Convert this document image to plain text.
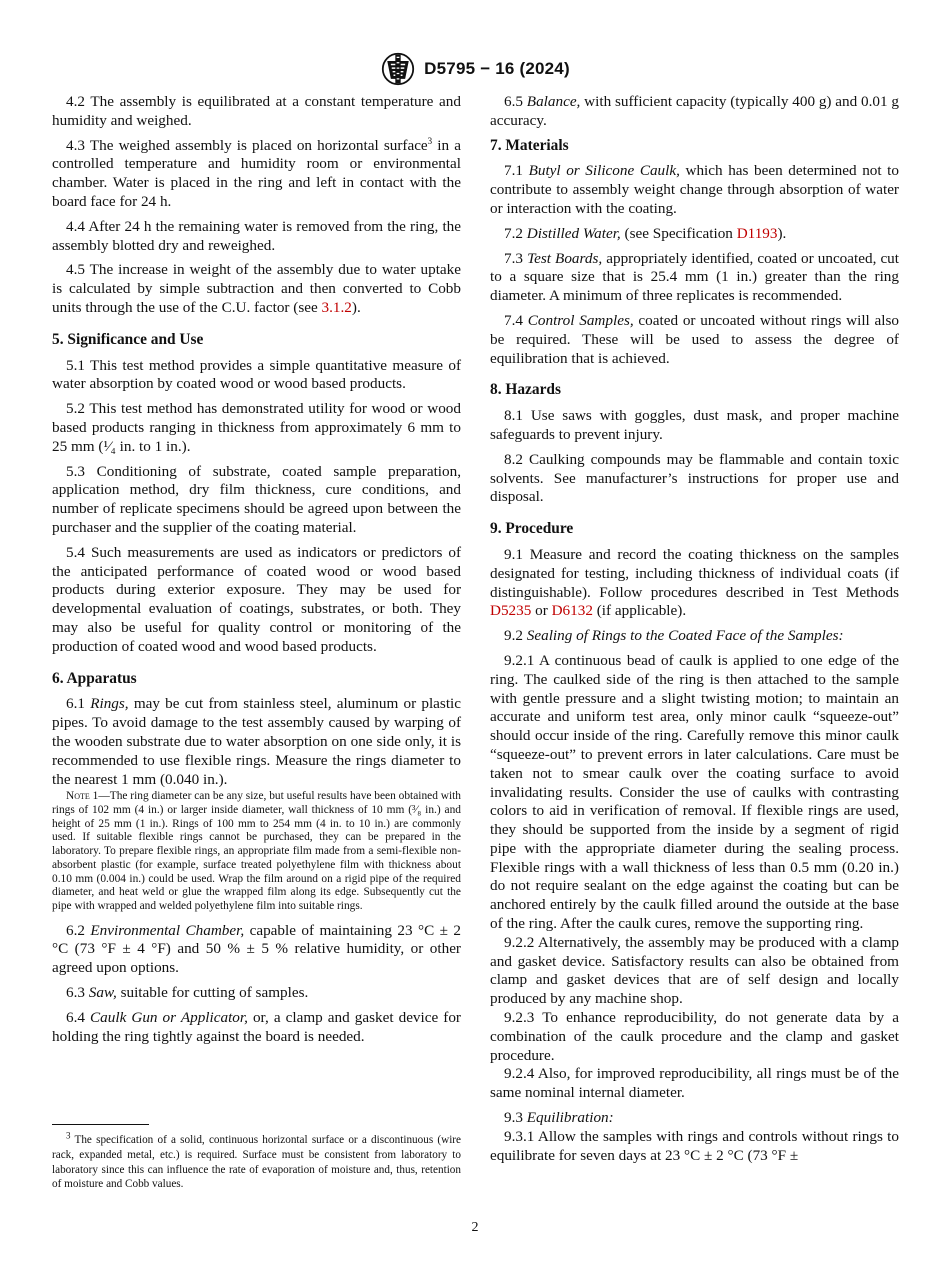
D5795 − 16 (2024)

4.2 The assembly is equilibrated at a constant temperature and humidity and weighed.

4.3 The weighed assembly is placed on horizontal surface$^3$ in a controlled temperature and humidity room or environmental chamber. Water is placed in the ring and left in contact with the board face for 24 h.

4.4 After 24 h the remaining water is removed from the ring, the assembly blotted dry and reweighed.

4.5 The increase in weight of the assembly due to water uptake is calculated by simple subtraction and then converted to Cobb units through the use of the C.U. factor (see 3.1.2).

5. Significance and Use

5.1 This test method provides a simple quantitative measure of water absorption by coated wood or wood based products.

5.2 This test method has demonstrated utility for wood or wood based products ranging in thickness from approximately 6 mm to 25 mm (¹⁄₄ in. to 1 in.).

5.3 Conditioning of substrate, coated sample preparation, application method, dry film thickness, cure conditions, and number of replicate specimens should be agreed upon between the purchaser and the supplier of the coating material.

5.4 Such measurements are used as indicators or predictors of the anticipated performance of coated wood or wood based products during exterior exposure. They may be used for developmental evaluation of coatings, substrates, or both. They may also be useful for quality control or monitoring of the production of coated wood and wood based products.

6. Apparatus

6.1 Rings, may be cut from stainless steel, aluminum or plastic pipes. To avoid damage to the test assembly caused by warping of the wooden substrate due to water absorption on one side only, it is recommended to use flexible rings. Measure the rings diameter to the nearest 1 mm (0.040 in.).

Note 1—The ring diameter can be any size, but useful results have been obtained with rings of 102 mm (4 in.) or larger inside diameter, wall thickness of 10 mm (³⁄₈ in.) and height of 25 mm (1 in.). Rings of 100 mm to 254 mm (4 in. to 10 in.) are commonly used. If suitable flexible rings cannot be purchased, they can be prepared in the laboratory. To prepare flexible rings, an appropriate film made from a semi-flexible non-absorbent plastic (for example, surface treated polyethylene film with thickness about 0.10 mm (0.004 in.) could be used. Wrap the film around on a rigid pipe of the required diameter, and heat weld or glue the wrapped film along its edge. Subsequently cut the pipe with wrapped and welded polyethylene film into suitable rings.

6.2 Environmental Chamber, capable of maintaining 23 °C ± 2 °C (73 °F ± 4 °F) and 50 % ± 5 % relative humidity, or other agreed upon options.

6.3 Saw, suitable for cutting of samples.

6.4 Caulk Gun or Applicator, or, a clamp and gasket device for holding the ring tightly against the board is needed.

$^3$ The specification of a solid, continuous horizontal surface or a discontinuous (wire rack, expanded metal, etc.) is required. Surface must be consistent from laboratory to laboratory since this can influence the rate of evaporation of moisture and, thus, retention of moisture and Cobb values.

6.5 Balance, with sufficient capacity (typically 400 g) and 0.01 g accuracy.

7. Materials

7.1 Butyl or Silicone Caulk, which has been determined not to contribute to assembly weight change through absorption of water or interaction with the coating.

7.2 Distilled Water, (see Specification D1193).

7.3 Test Boards, appropriately identified, coated or uncoated, cut to a square size that is 25.4 mm (1 in.) greater than the ring diameter. A minimum of three replicates is recommended.

7.4 Control Samples, coated or uncoated without rings will also be required. These will be used to assess the degree of equilibration that is achieved.

8. Hazards

8.1 Use saws with goggles, dust mask, and proper machine safeguards to prevent injury.

8.2 Caulking compounds may be flammable and contain toxic solvents. See manufacturer’s instructions for proper use and disposal.

9. Procedure

9.1 Measure and record the coating thickness on the samples designated for testing, including thickness of individual coats (if distinguishable). Follow procedures described in Test Methods D5235 or D6132 (if applicable).

9.2 Sealing of Rings to the Coated Face of the Samples:

9.2.1 A continuous bead of caulk is applied to one edge of the ring. The caulked side of the ring is then attached to the sample with gentle pressure and a slight twisting motion; to maintain an accurate and uniform test area, only minor caulk “squeeze-out” should occur inside of the ring. Carefully remove this minor caulk “squeeze-out” to prevent errors in later calculations. Care must be taken not to smear caulk over the coating surface to avoid invalidating results. Consider the use of caulks with contrasting colors to aid in verification of removal. If flexible rings are used, they should be supported from the inside by a segment of rigid pipe with the appropriate diameter during the sealing process. Flexible rings with a wall thickness of less than 0.5 mm (0.20 in.) do not require sealant on the edge against the coating but can be anchored entirely by the caulk filled around the outside at the base of the ring. After the caulk cures, remove the supporting ring.

9.2.2 Alternatively, the assembly may be produced with a clamp and gasket device. Satisfactory results can also be obtained from clamp and gasket devices that are of self design and locally produced by any machine shop.

9.2.3 To enhance reproducibility, do not generate data by a combination of the caulk procedure and the clamp and gasket procedure.

9.2.4 Also, for improved reproducibility, all rings must be of the same nominal internal diameter.

9.3 Equilibration:

9.3.1 Allow the samples with rings and controls without rings to equilibrate for seven days at 23 °C ± 2 °C (73 °F ±

2
